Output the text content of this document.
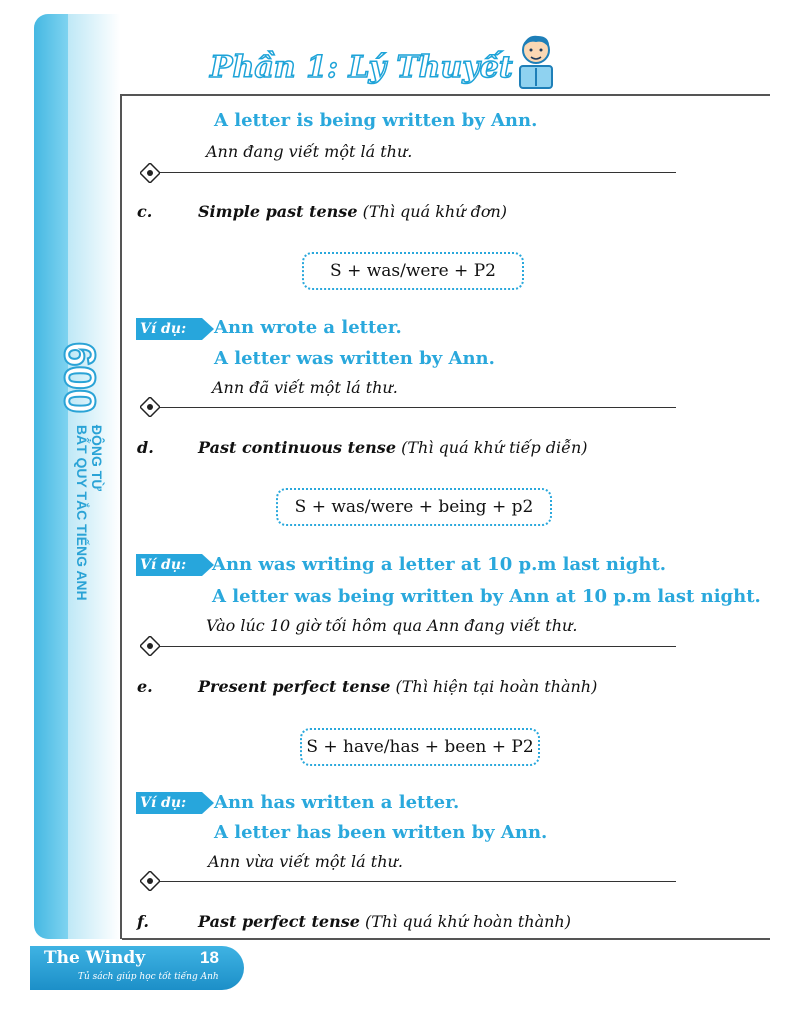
600 ĐỘNG TỪ
BẤT QUY TẮC TIẾNG ANH
Phần 1: Lý Thuyết
A letter is being written by Ann.
Ann đang viết một lá thư.
c.	Simple past tense (Thì quá khứ đơn)
S + was/were + P2
Ví dụ:	Ann wrote a letter.
A letter was written by Ann.
Ann đã viết một lá thư.
d.	Past continuous tense (Thì quá khứ tiếp diễn)
S + was/were + being + p2
Ví dụ:	Ann was writing a letter at 10 p.m last night.
A letter was being written by Ann at 10 p.m last night.
Vào lúc 10 giờ tối hôm qua Ann đang viết thư.
e.	Present perfect tense (Thì hiện tại hoàn thành)
S + have/has + been + P2
Ví dụ:	Ann has written a letter.
A letter has been written by Ann.
Ann vừa viết một lá thư.
f.	Past perfect tense (Thì quá khứ hoàn thành)
The Windy	18
Tủ sách giúp học tốt tiếng Anh
